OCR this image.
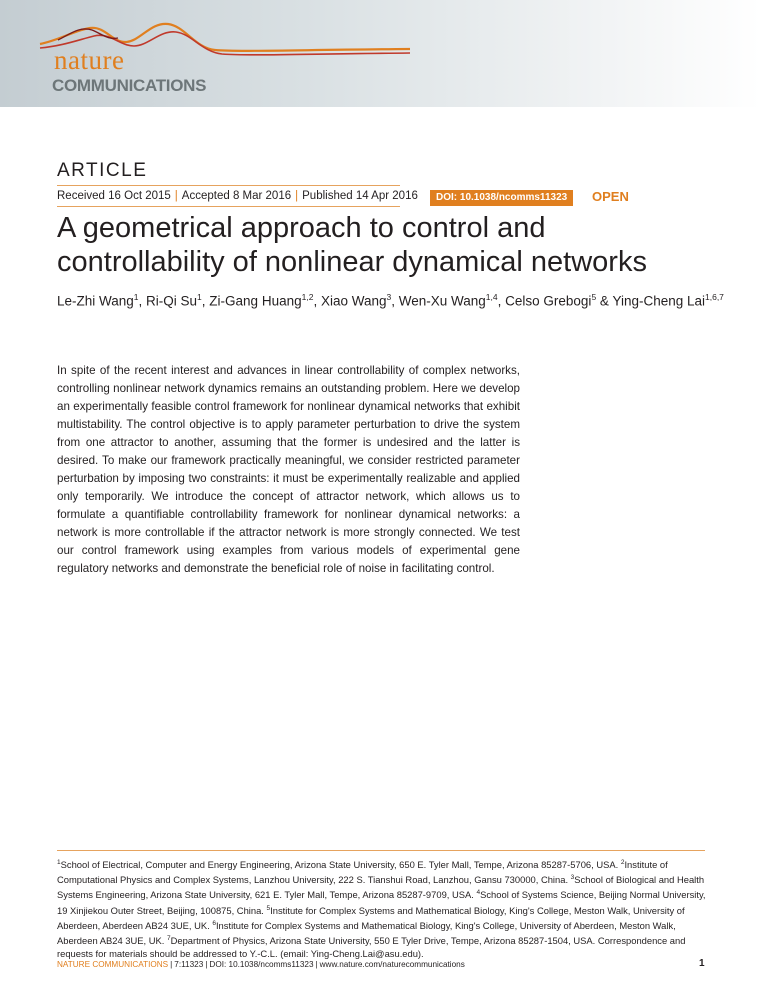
nature
COMMUNICATIONS
ARTICLE
Received 16 Oct 2015 | Accepted 8 Mar 2016 | Published 14 Apr 2016	DOI: 10.1038/ncomms11323	OPEN
A geometrical approach to control and controllability of nonlinear dynamical networks
Le-Zhi Wang$^1$, Ri-Qi Su$^1$, Zi-Gang Huang$^{1,2}$, Xiao Wang$^3$, Wen-Xu Wang$^{1,4}$, Celso Grebogi$^5$ & Ying-Cheng Lai$^{1,6,7}$

In spite of the recent interest and advances in linear controllability of complex networks, controlling nonlinear network dynamics remains an outstanding problem. Here we develop an experimentally feasible control framework for nonlinear dynamical networks that exhibit multistability. The control objective is to apply parameter perturbation to drive the system from one attractor to another, assuming that the former is undesired and the latter is desired. To make our framework practically meaningful, we consider restricted parameter perturbation by imposing two constraints: it must be experimentally realizable and applied only temporarily. We introduce the concept of attractor network, which allows us to formulate a quantifiable controllability framework for nonlinear dynamical networks: a network is more controllable if the attractor network is more strongly connected. We test our control framework using examples from various models of experimental gene regulatory networks and demonstrate the beneficial role of noise in facilitating control.

$^1$School of Electrical, Computer and Energy Engineering, Arizona State University, 650 E. Tyler Mall, Tempe, Arizona 85287-5706, USA. $^2$Institute of Computational Physics and Complex Systems, Lanzhou University, 222 S. Tianshui Road, Lanzhou, Gansu 730000, China. $^3$School of Biological and Health Systems Engineering, Arizona State University, 621 E. Tyler Mall, Tempe, Arizona 85287-9709, USA. $^4$School of Systems Science, Beijing Normal University, 19 Xinjiekou Outer Street, Beijing, 100875, China. $^5$Institute for Complex Systems and Mathematical Biology, King's College, Meston Walk, University of Aberdeen, Aberdeen AB24 3UE, UK. $^6$Institute for Complex Systems and Mathematical Biology, King's College, University of Aberdeen, Meston Walk, Aberdeen AB24 3UE, UK. $^7$Department of Physics, Arizona State University, 550 E Tyler Drive, Tempe, Arizona 85287-1504, USA. Correspondence and requests for materials should be addressed to Y.-C.L. (email: Ying-Cheng.Lai@asu.edu).

NATURE COMMUNICATIONS | 7:11323 | DOI: 10.1038/ncomms11323 | www.nature.com/naturecommunications	1
